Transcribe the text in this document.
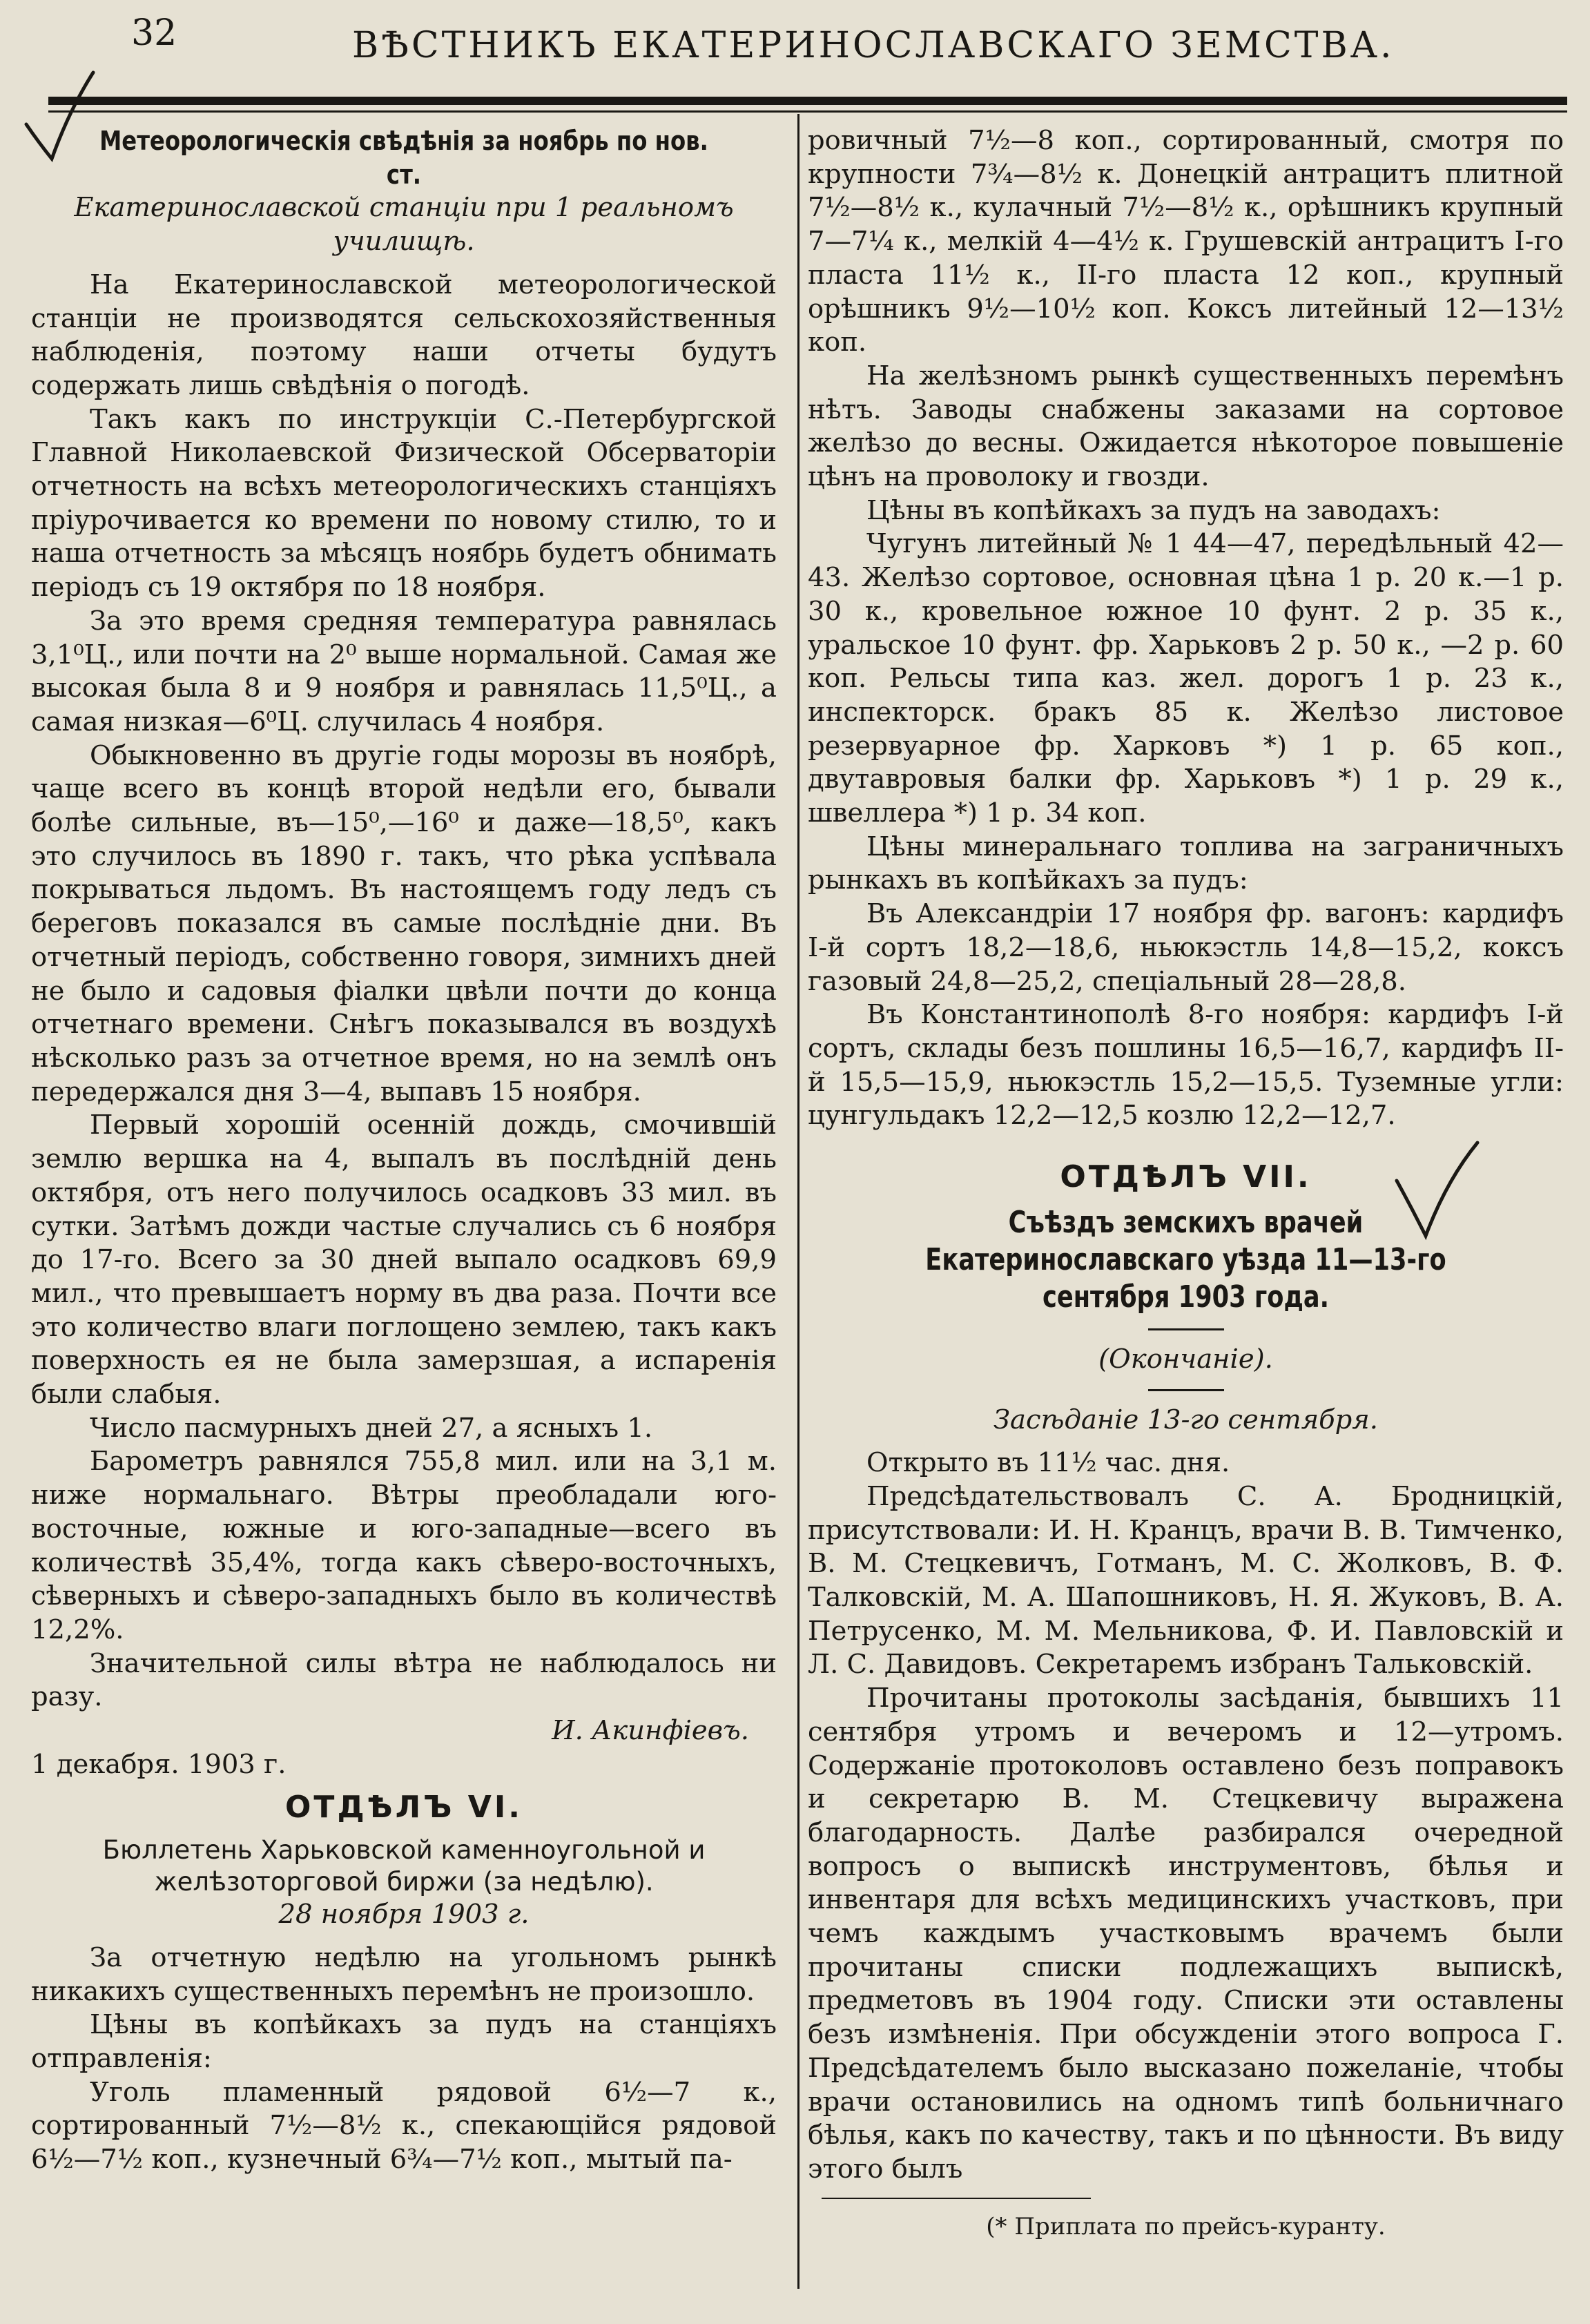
32	ВѢСТНИКЪ ЕКАТЕРИНОСЛАВСКАГО ЗЕМСТВА.

Метеорологическія свѣдѣнія за ноябрь по нов. ст.

Екатеринославской станціи при 1 реальномъ училищѣ.

На Екатеринославской метеорологической станціи не производятся сельскохозяйственныя наблюденія, поэтому наши отчеты будутъ содержать лишь свѣдѣнія о погодѣ.

Такъ какъ по инструкціи С.-Петербургской Главной Николаевской Физической Обсерваторіи отчетность на всѣхъ метеорологическихъ станціяхъ пріурочивается ко времени по новому стилю, то и наша отчетность за мѣсяцъ ноябрь будетъ обнимать періодъ съ 19 октября по 18 ноября.

За это время средняя температура равнялась 3,1⁰Ц., или почти на 2⁰ выше нормальной. Самая же высокая была 8 и 9 ноября и равнялась 11,5⁰Ц., а самая низкая—6⁰Ц. случилась 4 ноября.

Обыкновенно въ другіе годы морозы въ ноябрѣ, чаще всего въ концѣ второй недѣли его, бывали болѣе сильные, въ—15⁰,—16⁰ и даже—18,5⁰, какъ это случилось въ 1890 г. такъ, что рѣка успѣвала покрываться льдомъ. Въ настоящемъ году ледъ съ береговъ показался въ самые послѣдніе дни. Въ отчетный періодъ, собственно говоря, зимнихъ дней не было и садовыя фіалки цвѣли почти до конца отчетнаго времени. Снѣгъ показывался въ воздухѣ нѣсколько разъ за отчетное время, но на землѣ онъ передержался дня 3—4, выпавъ 15 ноября.

Первый хорошій осенній дождь, смочившій землю вершка на 4, выпалъ въ послѣдній день октября, отъ него получилось осадковъ 33 мил. въ сутки. Затѣмъ дожди частые случались съ 6 ноября до 17-го. Всего за 30 дней выпало осадковъ 69,9 мил., что превышаетъ норму въ два раза. Почти все это количество влаги поглощено землею, такъ какъ поверхность ея не была замерзшая, а испаренія были слабыя.

Число пасмурныхъ дней 27, а ясныхъ 1.

Барометръ равнялся 755,8 мил. или на 3,1 м. ниже нормальнаго. Вѣтры преобладали юго-восточные, южные и юго-западные—всего въ количествѣ 35,4%, тогда какъ сѣверо-восточныхъ, сѣверныхъ и сѣверо-западныхъ было въ количествѣ 12,2%.

Значительной силы вѣтра не наблюдалось ни разу.

И. Акинфіевъ.

1 декабря. 1903 г.

ОТДѢЛЪ VI.

Бюллетень Харьковской каменноугольной и желѣзоторговой биржи (за недѣлю).

28 ноября 1903 г.

За отчетную недѣлю на угольномъ рынкѣ никакихъ существенныхъ перемѣнъ не произошло.

Цѣны въ копѣйкахъ за пудъ на станціяхъ отправленія:

Уголь пламенный рядовой 6½—7 к., сортированный 7½—8½ к., спекающійся рядовой 6½—7½ коп., кузнечный 6¾—7½ коп., мытый па-

ровичный 7½—8 коп., сортированный, смотря по крупности 7¾—8½ к. Донецкій антрацитъ плитной 7½—8½ к., кулачный 7½—8½ к., орѣшникъ крупный 7—7¼ к., мелкій 4—4½ к. Грушевскій антрацитъ I-го пласта 11½ к., II-го пласта 12 коп., крупный орѣшникъ 9½—10½ коп. Коксъ литейный 12—13½ коп.

На желѣзномъ рынкѣ существенныхъ перемѣнъ нѣтъ. Заводы снабжены заказами на сортовое желѣзо до весны. Ожидается нѣкоторое повышеніе цѣнъ на проволоку и гвозди.

Цѣны въ копѣйкахъ за пудъ на заводахъ:

Чугунъ литейный № 1 44—47, передѣльный 42—43. Желѣзо сортовое, основная цѣна 1 р. 20 к.—1 р. 30 к., кровельное южное 10 фунт. 2 р. 35 к., уральское 10 фунт. фр. Харьковъ 2 р. 50 к., —2 р. 60 коп. Рельсы типа каз. жел. дорогъ 1 р. 23 к., инспекторск. бракъ 85 к. Желѣзо листовое резервуарное фр. Харковъ *) 1 р. 65 коп., двутавровыя балки фр. Харьковъ *) 1 р. 29 к., швеллера *) 1 р. 34 коп.

Цѣны минеральнаго топлива на заграничныхъ рынкахъ въ копѣйкахъ за пудъ:

Въ Александріи 17 ноября фр. вагонъ: кардифъ I-й сортъ 18,2—18,6, ньюкэстль 14,8—15,2, коксъ газовый 24,8—25,2, спеціальный 28—28,8.

Въ Константинополѣ 8-го ноября: кардифъ I-й сортъ, склады безъ пошлины 16,5—16,7, кардифъ II-й 15,5—15,9, ньюкэстль 15,2—15,5. Туземные угли: цунгульдакъ 12,2—12,5 козлю 12,2—12,7.

ОТДѢЛЪ VII.

Съѣздъ земскихъ врачей Екатеринославскаго уѣзда 11—13-го сентября 1903 года.

(Окончаніе).

Засѣданіе 13-го сентября.

Открыто въ 11½ час. дня.

Предсѣдательствовалъ С. А. Бродницкій, присутствовали: И. Н. Кранцъ, врачи В. В. Тимченко, В. М. Стецкевичъ, Готманъ, М. С. Жолковъ, В. Ф. Талковскій, М. А. Шапошниковъ, Н. Я. Жуковъ, В. А. Петрусенко, М. М. Мельникова, Ф. И. Павловскій и Л. С. Давидовъ. Секретаремъ избранъ Тальковскій.

Прочитаны протоколы засѣданія, бывшихъ 11 сентября утромъ и вечеромъ и 12—утромъ. Содержаніе протоколовъ оставлено безъ поправокъ и секретарю В. М. Стецкевичу выражена благодарность. Далѣе разбирался очередной вопросъ о выпискѣ инструментовъ, бѣлья и инвентаря для всѣхъ медицинскихъ участковъ, при чемъ каждымъ участковымъ врачемъ были прочитаны списки подлежащихъ выпискѣ, предметовъ въ 1904 году. Списки эти оставлены безъ измѣненія. При обсужденіи этого вопроса Г. Предсѣдателемъ было высказано пожеланіе, чтобы врачи остановились на одномъ типѣ больничнаго бѣлья, какъ по качеству, такъ и по цѣнности. Въ виду этого былъ

(* Приплата по прейсъ-куранту.
